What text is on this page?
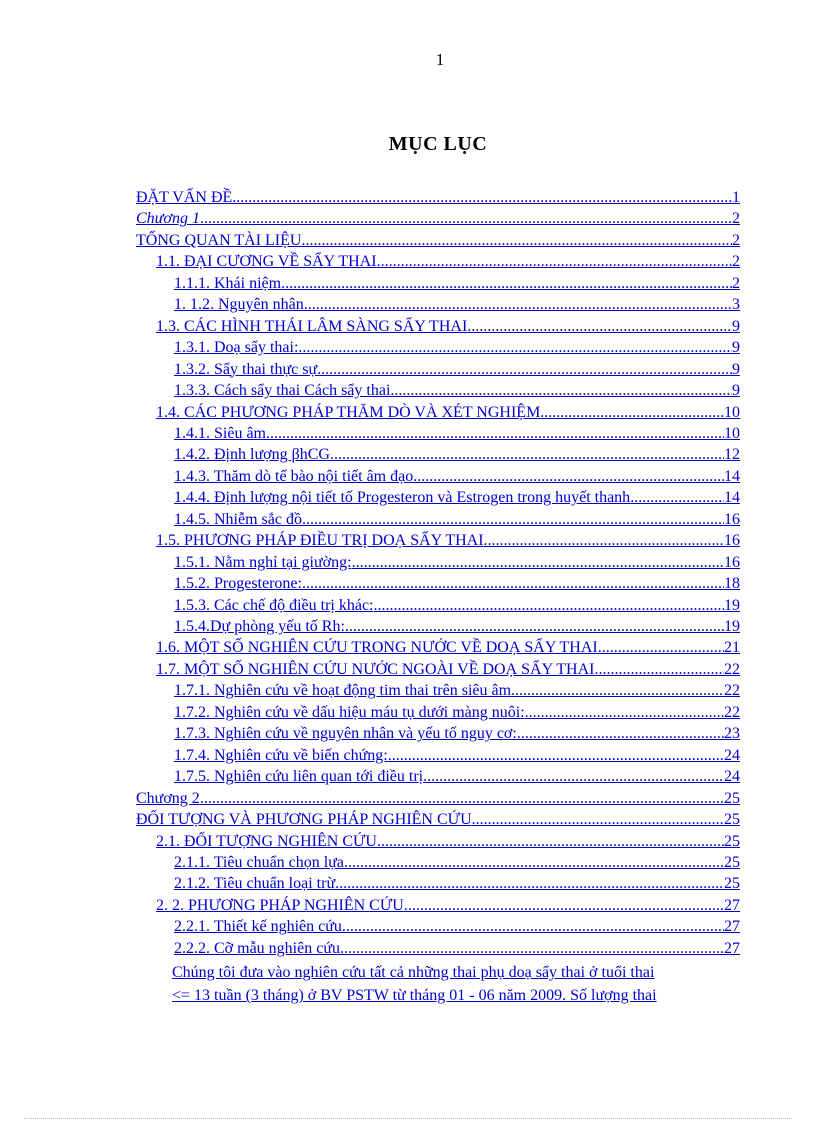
1
MỤC LỤC
ĐẶT VẤN ĐỀ .....	1
Chương 1 .....	2
TỔNG QUAN TÀI LIỆU .....	2
1.1. ĐẠI CƯƠNG VỀ SẨY THAI .....	2
1.1.1. Khái niệm .....	2
1. 1.2. Nguyên nhân .....	3
1.3. CÁC HÌNH THÁI LÂM SÀNG SẨY THAI .....	9
1.3.1. Doạ sẩy thai: .....	9
1.3.2. Sẩy thai thực sự .....	9
1.3.3. Cách sẩy thai Cách sẩy thai .....	9
1.4. CÁC PHƯƠNG PHÁP THĂM DÒ VÀ XÉT NGHIỆM .....	10
1.4.1. Siêu âm .....	10
1.4.2. Định lượng βhCG .....	12
1.4.3. Thăm dò tế bào nội tiết âm đạo .....	14
1.4.4. Định lượng nội tiết tố Progesteron và Estrogen trong huyết thanh .....	14
1.4.5. Nhiễm sắc đồ .....	16
1.5. PHƯƠNG PHÁP ĐIỀU TRỊ DOẠ SẨY THAI .....	16
1.5.1. Nằm nghỉ tại giường: .....	16
1.5.2. Progesterone: .....	18
1.5.3. Các chế độ điều trị khác: .....	19
1.5.4.Dự phòng yếu tố Rh: .....	19
1.6. MỘT SỐ NGHIÊN CỨU TRONG NƯỚC VỀ DOẠ SẨY THAI .....	21
1.7. MỘT SỐ NGHIÊN CỨU NƯỚC NGOÀI VỀ DOẠ SẨY THAI .....	22
1.7.1. Nghiên cứu về hoạt động tim thai trên siêu âm .....	22
1.7.2. Nghiên cứu về dấu hiệu máu tụ dưới màng nuôi: .....	22
1.7.3. Nghiên cứu về nguyên nhân và yếu tố nguy cơ: .....	23
1.7.4. Nghiên cứu về biến chứng: .....	24
1.7.5. Nghiên cứu liên quan tới điều trị .....	24
Chương 2 .....	25
ĐỐI TƯỢNG VÀ PHƯƠNG PHÁP NGHIÊN CỨU .....	25
2.1. ĐỐI TƯỢNG NGHIÊN CỨU .....	25
2.1.1. Tiêu chuẩn chọn lựa .....	25
2.1.2. Tiêu chuẩn loại trừ .....	25
2. 2. PHƯƠNG PHÁP NGHIÊN CỨU .....	27
2.2.1. Thiết kế nghiên cứu .....	27
2.2.2. Cỡ mẫu nghiên cứu .....	27
Chúng tôi đưa vào nghiên cứu tất cả những thai phụ doạ sẩy thai ở tuổi thai
<= 13 tuần (3 tháng) ở BV PSTW từ tháng 01 - 06 năm 2009. Số lượng thai
